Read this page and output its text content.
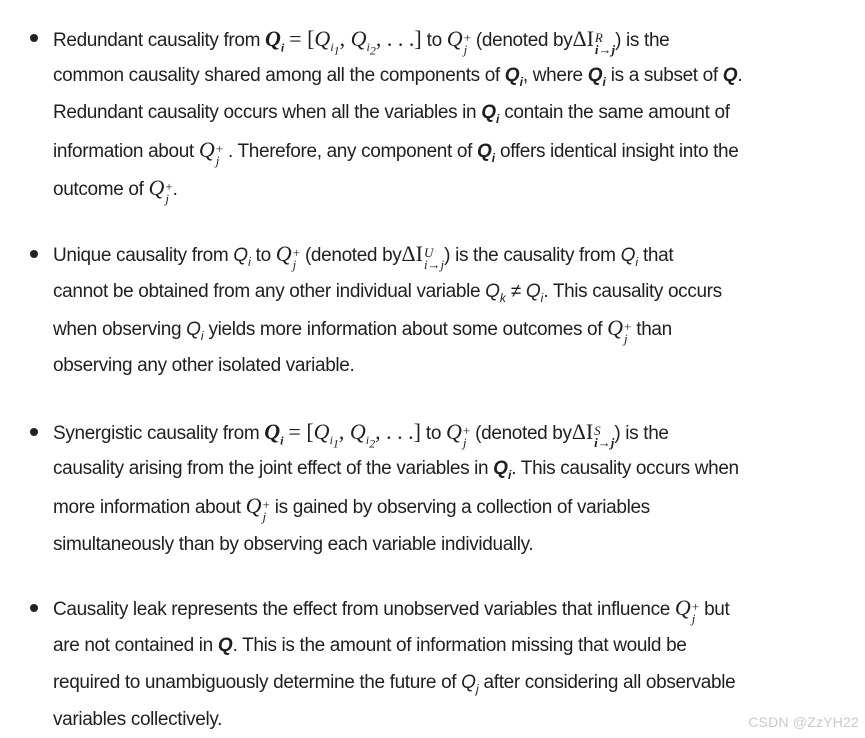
Redundant causality from $Q_i = [Q_{i_1}$, $Q_{i_2}$, . . .] to Q +
j (denoted byΔI R
i→j ) is the
common causality shared among all the components of $Q_i$, where $Q_i$ is a subset of Q.
Redundant causality occurs when all the variables in $Q_i$ contain the same amount of
information about Q +
j . Therefore, any component of $Q_i$ offers identical insight into the
outcome of Q +
j .
Unique causality from $Q_i$ to Q +
j (denoted byΔI U
i→j ) is the causality from $Q_i$ that
cannot be obtained from any other individual variable $Q_k \ne Q_i$. This causality occurs
when observing $Q_i$ yields more information about some outcomes of Q +
j than
observing any other isolated variable.
Synergistic causality from $Q_i = [Q_{i_1}$, $Q_{i_2}$, . . .] to Q +
j (denoted byΔI S
i→j ) is the
causality arising from the joint effect of the variables in $Q_i$. This causality occurs when
more information about Q +
j is gained by observing a collection of variables
simultaneously than by observing each variable individually.
Causality leak represents the effect from unobserved variables that influence Q +
j but
are not contained in Q. This is the amount of information missing that would be
required to unambiguously determine the future of $Q_j$ after considering all observable
variables collectively.	CSDN @ZzYH22
